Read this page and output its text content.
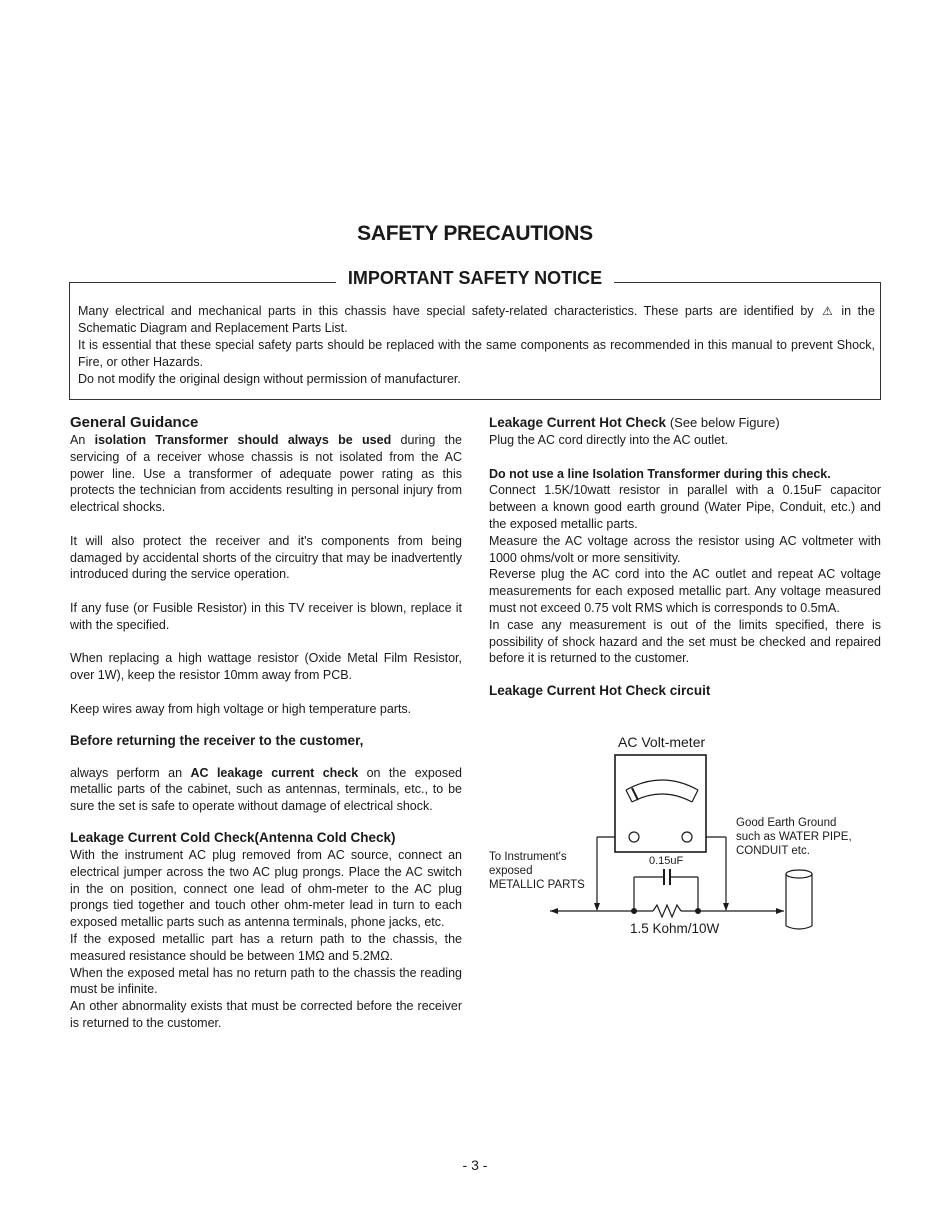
SAFETY PRECAUTIONS
IMPORTANT SAFETY NOTICE

Many electrical and mechanical parts in this chassis have special safety-related characteristics. These parts are identified by ⚠ in the Schematic Diagram and Replacement Parts List.

It is essential that these special safety parts should be replaced with the same components as recommended in this manual to prevent Shock, Fire, or other Hazards.

Do not modify the original design without permission of manufacturer.

General Guidance

An isolation Transformer should always be used during the servicing of a receiver whose chassis is not isolated from the AC power line. Use a transformer of adequate power rating as this protects the technician from accidents resulting in personal injury from electrical shocks.

It will also protect the receiver and it's components from being damaged by accidental shorts of the circuitry that may be inadvertently introduced during the service operation.

If any fuse (or Fusible Resistor) in this TV receiver is blown, replace it with the specified.

When replacing a high wattage resistor (Oxide Metal Film Resistor, over 1W), keep the resistor 10mm away from PCB.

Keep wires away from high voltage or high temperature parts.

Before returning the receiver to the customer,

always perform an AC leakage current check on the exposed metallic parts of the cabinet, such as antennas, terminals, etc., to be sure the set is safe to operate without damage of electrical shock.

Leakage Current Cold Check(Antenna Cold Check)

With the instrument AC plug removed from AC source, connect an electrical jumper across the two AC plug prongs. Place the AC switch in the on position, connect one lead of ohm-meter to the AC plug prongs tied together and touch other ohm-meter lead in turn to each exposed metallic parts such as antenna terminals, phone jacks, etc.

If the exposed metallic part has a return path to the chassis, the measured resistance should be between 1MΩ and 5.2MΩ.

When the exposed metal has no return path to the chassis the reading must be infinite.

An other abnormality exists that must be corrected before the receiver is returned to the customer.

Leakage Current Hot Check (See below Figure)

Plug the AC cord directly into the AC outlet.

Do not use a line Isolation Transformer during this check.

Connect 1.5K/10watt resistor in parallel with a 0.15uF capacitor between a known good earth ground (Water Pipe, Conduit, etc.) and the exposed metallic parts.

Measure the AC voltage across the resistor using AC voltmeter with 1000 ohms/volt or more sensitivity.

Reverse plug the AC cord into the AC outlet and repeat AC voltage measurements for each exposed metallic part. Any voltage measured must not exceed 0.75 volt RMS which is corresponds to 0.5mA.

In case any measurement is out of the limits specified, there is possibility of shock hazard and the set must be checked and repaired before it is returned to the customer.

Leakage Current Hot Check circuit

AC Volt-meter
To Instrument's
exposed
METALLIC PARTS
Good Earth Ground
such as WATER PIPE,
CONDUIT etc.
0.15uF
1.5 Kohm/10W
- 3 -
